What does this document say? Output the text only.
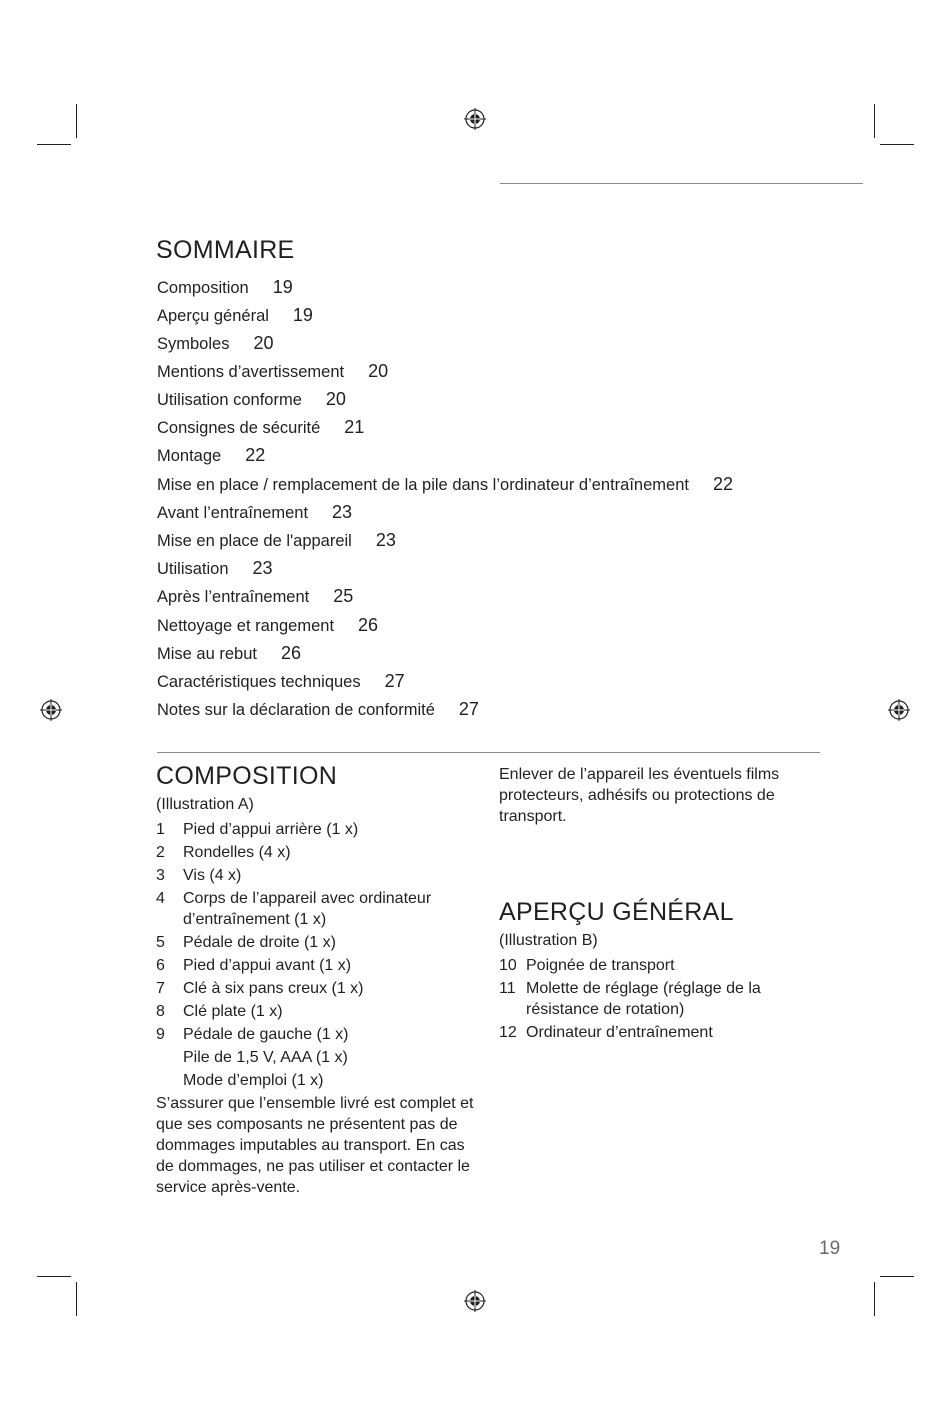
SOMMAIRE
Composition 19
Aperçu général 19
Symboles 20
Mentions d’avertissement 20
Utilisation conforme 20
Consignes de sécurité 21
Montage 22
Mise en place / remplacement de la pile dans l’ordinateur d’entraînement 22
Avant l’entraînement 23
Mise en place de l'appareil 23
Utilisation 23
Après l’entraînement 25
Nettoyage et rangement 26
Mise au rebut 26
Caractéristiques techniques 27
Notes sur la déclaration de conformité 27
COMPOSITION
(Illustration A)
1 Pied d’appui arrière (1 x)
2 Rondelles (4 x)
3 Vis (4 x)
4 Corps de l’appareil avec ordinateur d’entraînement (1 x)
5 Pédale de droite (1 x)
6 Pied d’appui avant (1 x)
7 Clé à six pans creux (1 x)
8 Clé plate (1 x)
9 Pédale de gauche (1 x)
Pile de 1,5 V, AAA (1 x)
Mode d’emploi (1 x)
S’assurer que l’ensemble livré est complet et que ses composants ne présentent pas de dommages imputables au transport. En cas de dommages, ne pas utiliser et contacter le service après-vente.
Enlever de l’appareil les éventuels films protecteurs, adhésifs ou protections de transport.
APERÇU GÉNÉRAL
(Illustration B)
10 Poignée de transport
11 Molette de réglage (réglage de la résistance de rotation)
12 Ordinateur d’entraînement
19
